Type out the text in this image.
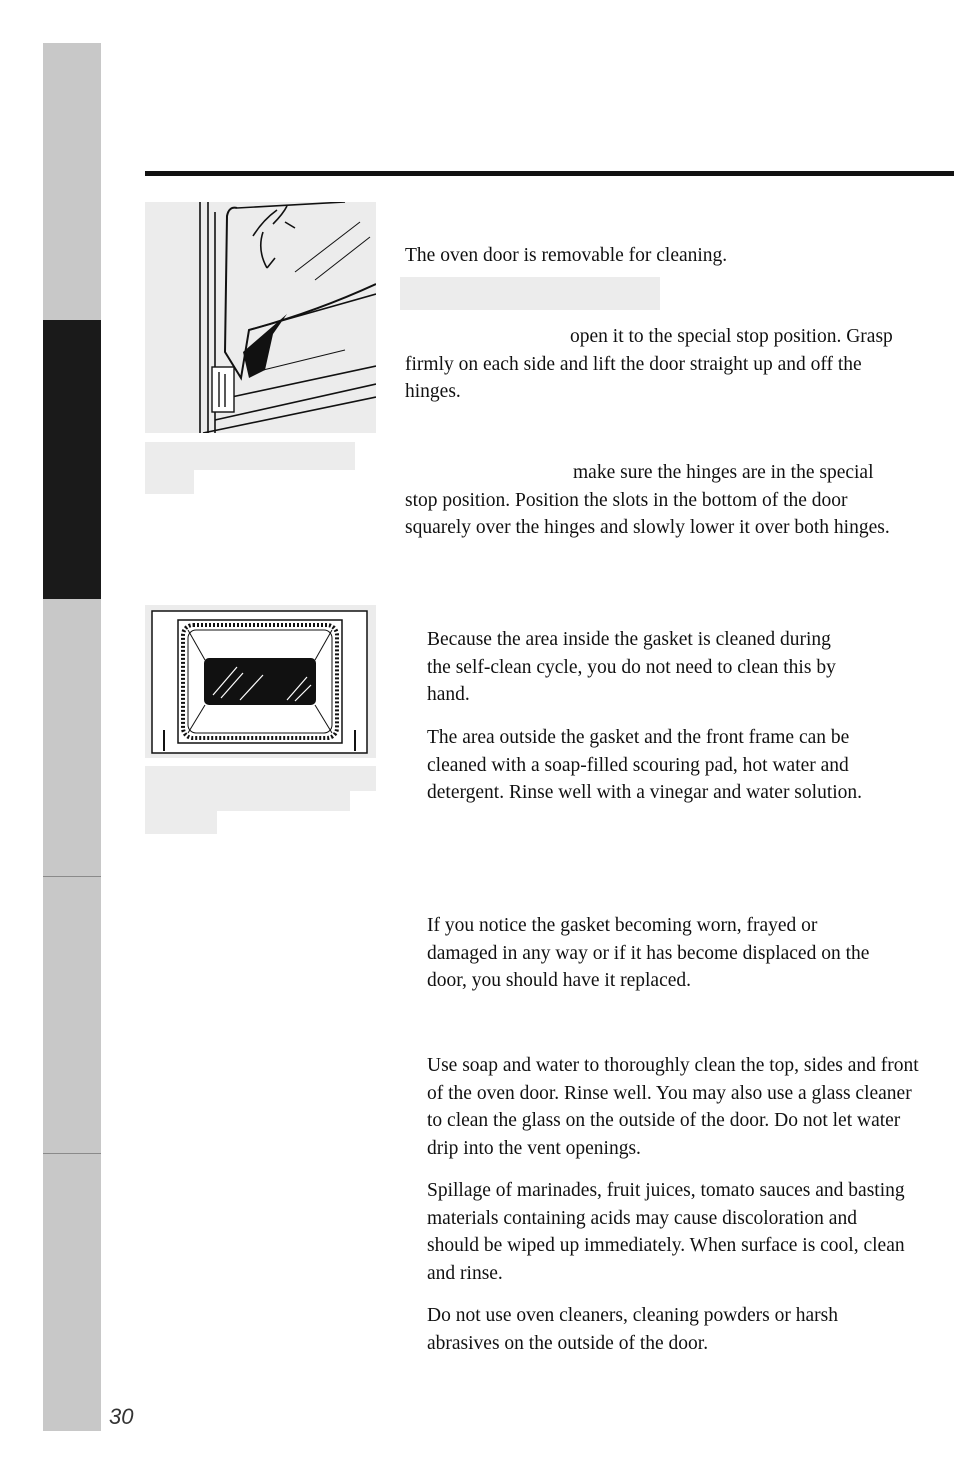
The oven door is removable for cleaning.

open it to the special stop position. Grasp firmly on each side and lift the door straight up and off the hinges.

make sure the hinges are in the special stop position. Position the slots in the bottom of the door squarely over the hinges and slowly lower it over both hinges.

Because the area inside the gasket is cleaned during the self-clean cycle, you do not need to clean this by hand.

The area outside the gasket and the front frame can be cleaned with a soap-filled scouring pad, hot water and detergent. Rinse well with a vinegar and water solution.

If you notice the gasket becoming worn, frayed or damaged in any way or if it has become displaced on the door, you should have it replaced.

Use soap and water to thoroughly clean the top, sides and front of the oven door. Rinse well. You may also use a glass cleaner to clean the glass on the outside of the door. Do not let water drip into the vent openings.

Spillage of marinades, fruit juices, tomato sauces and basting materials containing acids may cause discoloration and should be wiped up immediately. When surface is cool, clean and rinse.

Do not use oven cleaners, cleaning powders or harsh abrasives on the outside of the door.

30
